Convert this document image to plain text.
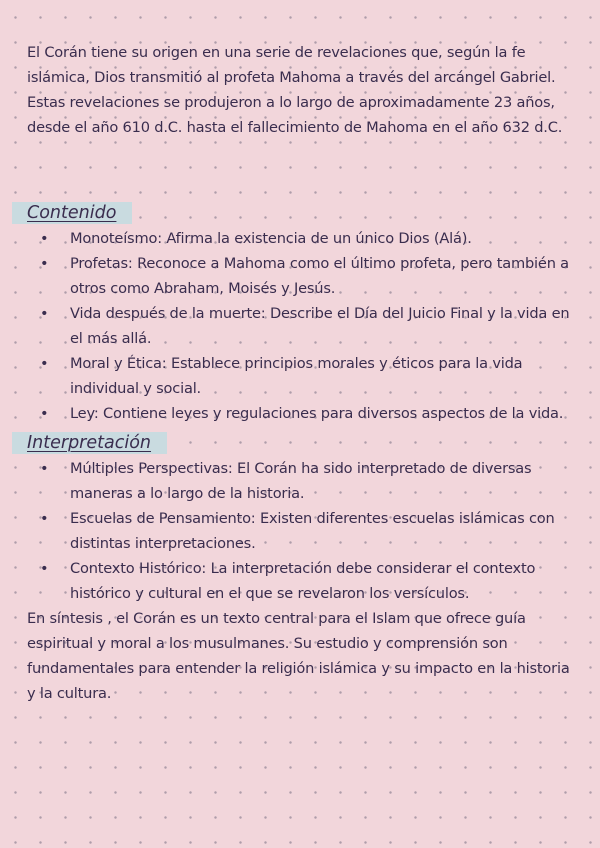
El Corán tiene su origen en una serie de revelaciones que, según la fe islámica, Dios transmitió al profeta Mahoma a través del arcángel Gabriel. Estas revelaciones se produjeron a lo largo de aproximadamente 23 años, desde el año 610 d.C. hasta el fallecimiento de Mahoma en el año 632 d.C.

Contenido
• Monoteísmo: Afirma la existencia de un único Dios (Alá).
• Profetas: Reconoce a Mahoma como el último profeta, pero también a otros como Abraham, Moisés y Jesús.
• Vida después de la muerte: Describe el Día del Juicio Final y la vida en el más allá.
• Moral y Ética: Establece principios morales y éticos para la vida individual y social.
• Ley: Contiene leyes y regulaciones para diversos aspectos de la vida.
Interpretación
• Múltiples Perspectivas: El Corán ha sido interpretado de diversas maneras a lo largo de la historia.
• Escuelas de Pensamiento: Existen diferentes escuelas islámicas con distintas interpretaciones.
• Contexto Histórico: La interpretación debe considerar el contexto histórico y cultural en el que se revelaron los versículos.

En síntesis , el Corán es un texto central para el Islam que ofrece guía espiritual y moral a los musulmanes. Su estudio y comprensión son fundamentales para entender la religión islámica y su impacto en la historia y la cultura.
